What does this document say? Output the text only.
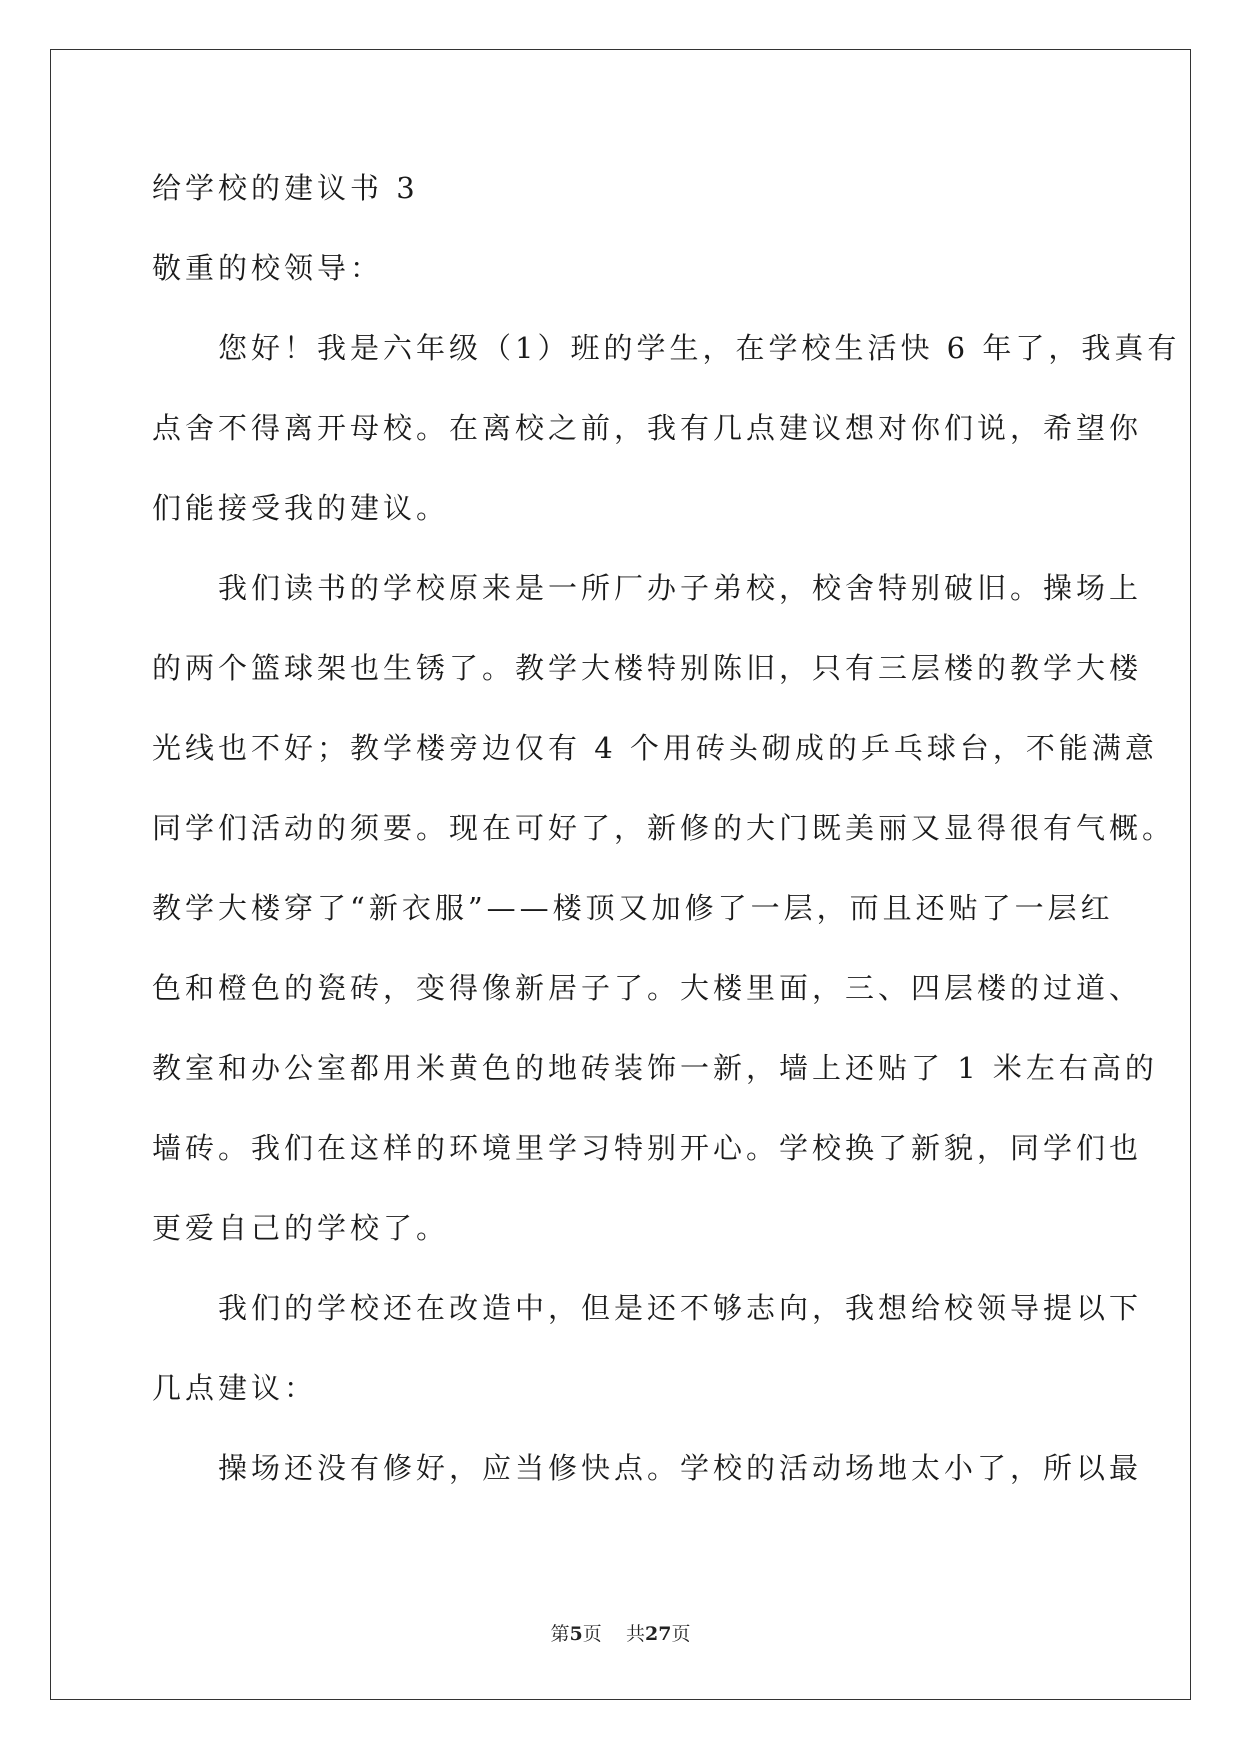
给学校的建议书 3
敬重的校领导：
　　您好！我是六年级（1）班的学生，在学校生活快 6 年了，我真有
点舍不得离开母校。在离校之前，我有几点建议想对你们说，希望你
们能接受我的建议。
　　我们读书的学校原来是一所厂办子弟校，校舍特别破旧。操场上
的两个篮球架也生锈了。教学大楼特别陈旧，只有三层楼的教学大楼
光线也不好；教学楼旁边仅有 4 个用砖头砌成的乒乓球台，不能满意
同学们活动的须要。现在可好了，新修的大门既美丽又显得很有气概。
教学大楼穿了“新衣服”——楼顶又加修了一层，而且还贴了一层红
色和橙色的瓷砖，变得像新居子了。大楼里面，三、四层楼的过道、
教室和办公室都用米黄色的地砖装饰一新，墙上还贴了 1 米左右高的
墙砖。我们在这样的环境里学习特别开心。学校换了新貌，同学们也
更爱自己的学校了。
　　我们的学校还在改造中，但是还不够志向，我想给校领导提以下
几点建议：
　　操场还没有修好，应当修快点。学校的活动场地太小了，所以最
第5页 共27页
